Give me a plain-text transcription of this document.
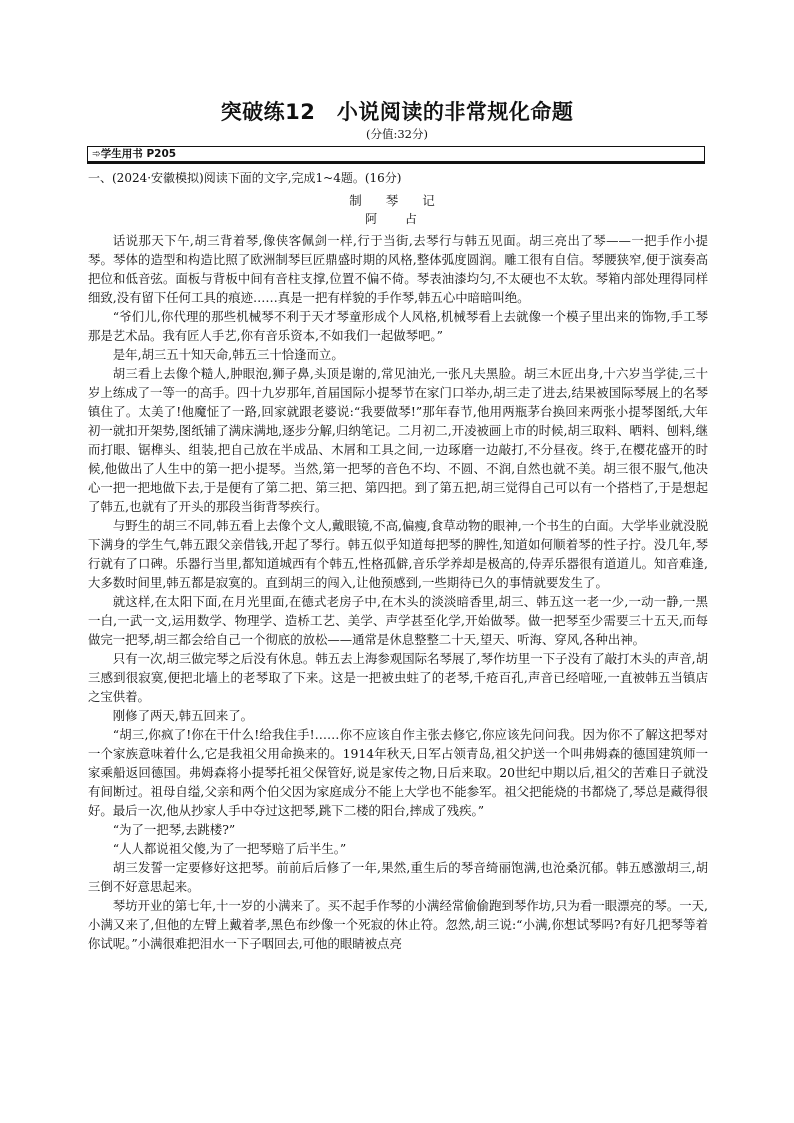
突破练12　小说阅读的非常规化命题
(分值:32分)
➾学生用书 P205
一、(2024·安徽模拟)阅读下面的文字,完成1~4题。(16分)
制 琴 记
阿 占

话说那天下午,胡三背着琴,像侠客佩剑一样,行于当街,去琴行与韩五见面。胡三亮出了琴——一把手作小提琴。琴体的造型和构造比照了欧洲制琴巨匠鼎盛时期的风格,整体弧度圆润。雕工很有自信。琴腰狭窄,便于演奏高把位和低音弦。面板与背板中间有音柱支撑,位置不偏不倚。琴表油漆均匀,不太硬也不太软。琴箱内部处理得同样细致,没有留下任何工具的痕迹……真是一把有样貌的手作琴,韩五心中暗暗叫绝。

“爷们儿,你代理的那些机械琴不利于天才琴童形成个人风格,机械琴看上去就像一个模子里出来的饰物,手工琴那是艺术品。我有匠人手艺,你有音乐资本,不如我们一起做琴吧。”

是年,胡三五十知天命,韩五三十恰逢而立。

胡三看上去像个糙人,肿眼泡,狮子鼻,头顶是谢的,常见油光,一张凡夫黑脸。胡三木匠出身,十六岁当学徒,三十岁上练成了一等一的高手。四十九岁那年,首届国际小提琴节在家门口举办,胡三走了进去,结果被国际琴展上的名琴镇住了。太美了!他魔怔了一路,回家就跟老婆说:“我要做琴!”那年春节,他用两瓶茅台换回来两张小提琴图纸,大年初一就扣开架势,图纸铺了满床满地,逐步分解,归纳笔记。二月初二,开凌被画上市的时候,胡三取料、晒料、刨料,继而打眼、锯榫头、组装,把自己放在半成品、木屑和工具之间,一边琢磨一边敲打,不分昼夜。终于,在樱花盛开的时候,他做出了人生中的第一把小提琴。当然,第一把琴的音色不均、不圆、不润,自然也就不美。胡三很不服气,他决心一把一把地做下去,于是便有了第二把、第三把、第四把。到了第五把,胡三觉得自己可以有一个搭档了,于是想起了韩五,也就有了开头的那段当街背琴疾行。

与野生的胡三不同,韩五看上去像个文人,戴眼镜,不高,偏瘦,食草动物的眼神,一个书生的白面。大学毕业就没脱下满身的学生气,韩五跟父亲借钱,开起了琴行。韩五似乎知道每把琴的脾性,知道如何顺着琴的性子拧。没几年,琴行就有了口碑。乐器行当里,都知道城西有个韩五,性格孤僻,音乐学养却是极高的,侍弄乐器很有道道儿。知音难逢,大多数时间里,韩五都是寂寞的。直到胡三的闯入,让他预感到,一些期待已久的事情就要发生了。

就这样,在太阳下面,在月光里面,在德式老房子中,在木头的淡淡暗香里,胡三、韩五这一老一少,一动一静,一黑一白,一武一文,运用数学、物理学、造桥工艺、美学、声学甚至化学,开始做琴。做一把琴至少需要三十五天,而每做完一把琴,胡三都会给自己一个彻底的放松——通常是休息整整二十天,望天、听海、穿风,各种出神。

只有一次,胡三做完琴之后没有休息。韩五去上海参观国际名琴展了,琴作坊里一下子没有了敲打木头的声音,胡三感到很寂寞,便把北墙上的老琴取了下来。这是一把被虫蛀了的老琴,千疮百孔,声音已经喑哑,一直被韩五当镇店之宝供着。

刚修了两天,韩五回来了。

“胡三,你疯了!你在干什么!给我住手!……你不应该自作主张去修它,你应该先问问我。因为你不了解这把琴对一个家族意味着什么,它是我祖父用命换来的。1914年秋天,日军占领青岛,祖父护送一个叫弗姆森的德国建筑师一家乘船返回德国。弗姆森将小提琴托祖父保管好,说是家传之物,日后来取。20世纪中期以后,祖父的苦难日子就没有间断过。祖母自缢,父亲和两个伯父因为家庭成分不能上大学也不能参军。祖父把能烧的书都烧了,琴总是藏得很好。最后一次,他从抄家人手中夺过这把琴,跳下二楼的阳台,摔成了残疾。”

“为了一把琴,去跳楼?”

“人人都说祖父傻,为了一把琴赔了后半生。”

胡三发誓一定要修好这把琴。前前后后修了一年,果然,重生后的琴音绮丽饱满,也沧桑沉郁。韩五感激胡三,胡三倒不好意思起来。

琴坊开业的第七年,十一岁的小满来了。买不起手作琴的小满经常偷偷跑到琴作坊,只为看一眼漂亮的琴。一天,小满又来了,但他的左臂上戴着孝,黑色布纱像一个死寂的休止符。忽然,胡三说:“小满,你想试琴吗?有好几把琴等着你试呢。”小满很难把泪水一下子咽回去,可他的眼睛被点亮
